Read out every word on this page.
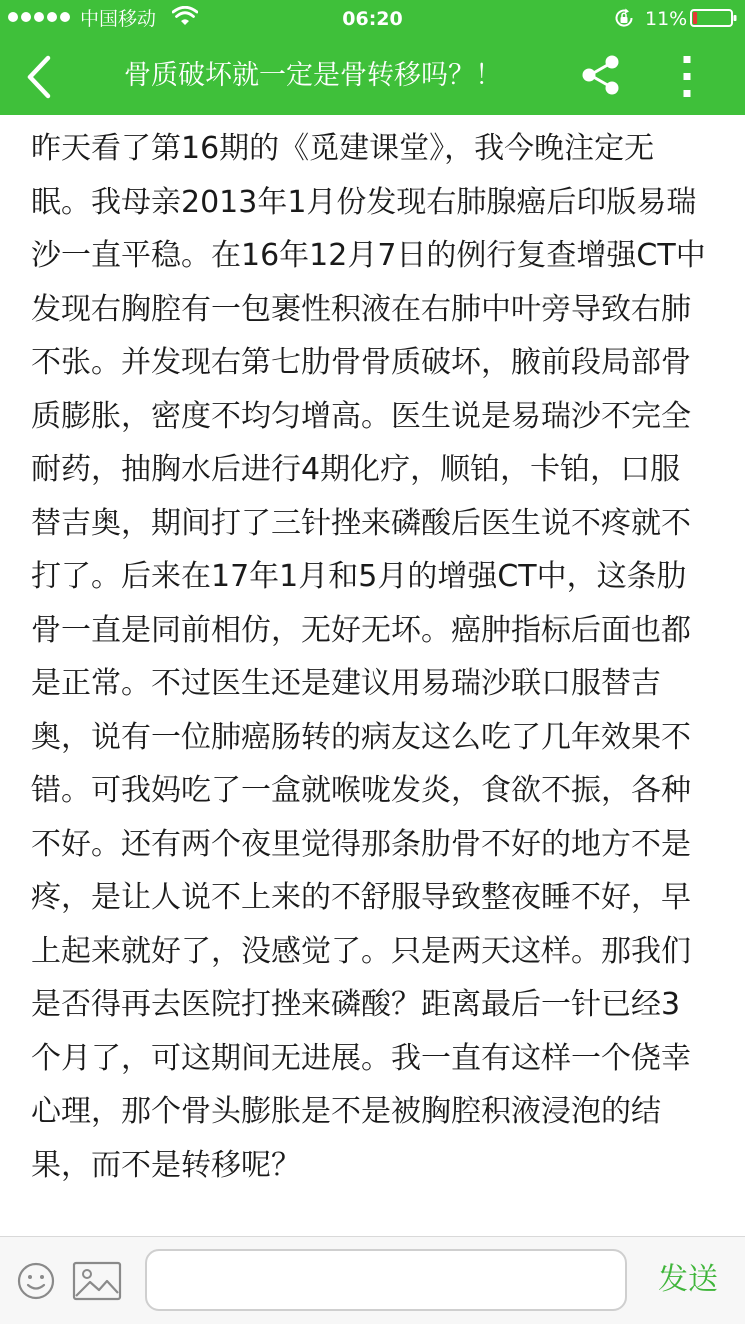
中国移动	06:20	11%
骨质破坏就一定是骨转移吗？！
昨天看了第16期的《觅建课堂》，我今晚注定无
眠。我母亲2013年1月份发现右肺腺癌后印版易瑞
沙一直平稳。在16年12月7日的例行复查增强CT中
发现右胸腔有一包裹性积液在右肺中叶旁导致右肺
不张。并发现右第七肋骨骨质破坏，腋前段局部骨
质膨胀，密度不均匀增高。医生说是易瑞沙不完全
耐药，抽胸水后进行4期化疗，顺铂，卡铂，口服
替吉奥，期间打了三针挫来磷酸后医生说不疼就不
打了。后来在17年1月和5月的增强CT中，这条肋
骨一直是同前相仿，无好无坏。癌肿指标后面也都
是正常。不过医生还是建议用易瑞沙联口服替吉
奥，说有一位肺癌肠转的病友这么吃了几年效果不
错。可我妈吃了一盒就喉咙发炎，食欲不振，各种
不好。还有两个夜里觉得那条肋骨不好的地方不是
疼，是让人说不上来的不舒服导致整夜睡不好，早
上起来就好了，没感觉了。只是两天这样。那我们
是否得再去医院打挫来磷酸？距离最后一针已经3
个月了，可这期间无进展。我一直有这样一个侥幸
心理，那个骨头膨胀是不是被胸腔积液浸泡的结
果，而不是转移呢？
发送
